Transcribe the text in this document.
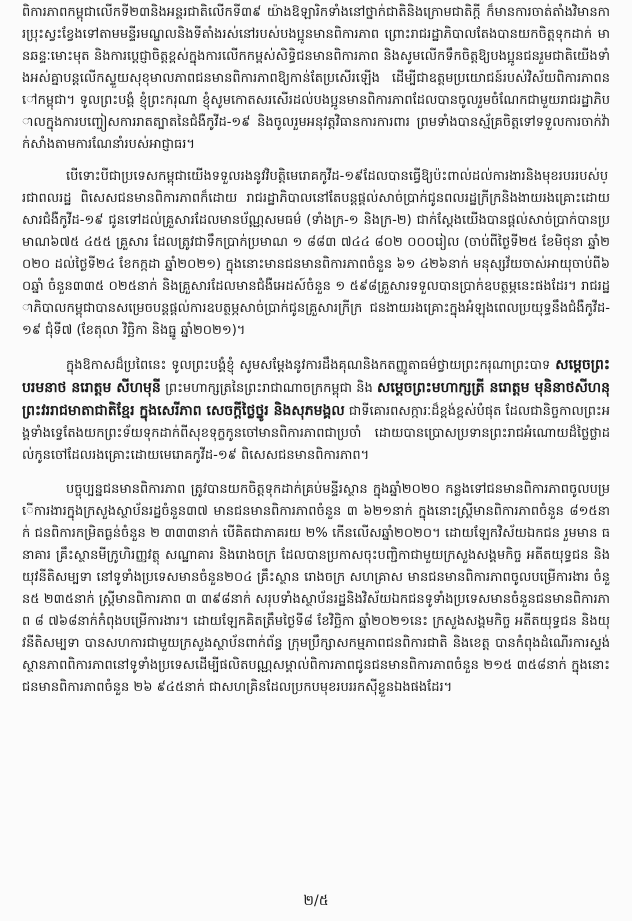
ពិការភាពកម្ពុជាលើកទី២៣និងអន្តរជាតិលើកទី៣៩ យ៉ាងឱឡារិកទាំងនៅថ្នាក់ជាតិនិងក្រោមជាតិក្ដី ក៏មានការចាត់តាំងវិមានការប្រុះស្វះខ្វែងទៅតាមមន្ទីរមណ្ឌលនិងទីតាំងរស់នៅរបស់បងប្អូនមានពិការភាព ព្រោះរាជរដ្ឋាភិបាលតែងបានយកចិត្តទុកដាក់ មានឆន្ទៈមោះមុត និងការប្ដេជ្ញាចិត្តខ្ពស់ក្នុងការលើកកម្ពស់សិទ្ធិជនមានពិការភាព និងសូមលើកទឹកចិត្តឱ្យបងប្អូនជនរួមជាតិយើងទាំងអស់គ្នាបន្តលើកស្ទួយសុខុមាលភាពជនមានពិការភាពឱ្យកាន់តែប្រសើរឡើង ដើម្បីជាឧត្ដមប្រយោជន៍របស់វិស័យពិការភាពនៅកម្ពុជា។ ទូលព្រះបង្គំ ខ្ញុំព្រះករុណា ខ្ញុំសូមកោតសរសើរដល់បងប្អូនមានពិការភាពដែលបានចូលរួមចំណែកជាមួយរាជរដ្ឋាភិបាលក្នុងការបញ្ចៀសការរាតត្បាតនៃជំងឺកូវីដ-១៩ និងចូលរួមអនុវត្តវិធានការការពារ ព្រមទាំងបានស្ម័គ្រចិត្តទៅទទួលការចាក់វ៉ាក់សាំងតាមការណែនាំរបស់អាជ្ញាធរ។

បើទោះបីជាប្រទេសកម្ពុជាយើងទទួលរងនូវវិបត្តិមេរោគកូវីដ-១៩ដែលបានធ្វើឱ្យប៉ះពាល់ដល់ការងារនិងមុខរបររបស់ប្រជាពលរដ្ឋ ពិសេសជនមានពិការភាពក៏ដោយ រាជរដ្ឋាភិបាលនៅតែបន្តផ្ដល់សាច់ប្រាក់ជូនពលរដ្ឋក្រីក្រនិងងាយរងគ្រោះដោយសារជំងឺកូវីដ-១៩ ជូនទៅដល់គ្រួសារដែលមានប័ណ្ណសមធម៌ (ទាំងក្រ-១ និងក្រ-២) ជាក់ស្ដែងយើងបានផ្ដល់សាច់ប្រាក់បានប្រមាណ៦៧៥ ៤៥៥ គ្រួសារ ដែលត្រូវជាទឹកប្រាក់ប្រមាណ ១ ៨៨៣ ៧៤៤ ៨០២ ០០០រៀល (ចាប់ពីថ្ងៃទី២៥ ខែមិថុនា ឆ្នាំ២០២០ ដល់ថ្ងៃទី២៤ ខែកក្កដា ឆ្នាំ២០២១) ក្នុងនោះមានជនមានពិការភាពចំនួន ៦១ ៤២៦នាក់ មនុស្សវ័យចាស់អាយុចាប់ពី៦០ឆ្នាំ ចំនួន៣៣៥ ០២៥នាក់ និងគ្រួសារដែលមានជំងឺអេដស៍ចំនួន ១ ៥៩៨គ្រួសារទទួលបានប្រាក់ឧបត្ថម្ភនេះផងដែរ។ រាជរដ្ឋាភិបាលកម្ពុជាបានសម្រេចបន្តផ្ដល់ការឧបត្ថម្ភសាច់ប្រាក់ជូនគ្រួសារក្រីក្រ ជនងាយរងគ្រោះក្នុងអំឡុងពេលប្រយុទ្ធនឹងជំងឺកូវីដ-១៩ ជុំទី៧ (ខែតុលា វិច្ឆិកា និងធ្នូ ឆ្នាំ២០២១)។

ក្នុងឱកាសដ៏ប្រពៃនេះ ទូលព្រះបង្គំខ្ញុំ សូមសម្ដែងនូវការដឹងគុណនិងកតញ្ញូតាធម៌ថ្វាយព្រះករុណាព្រះបាទ សម្ដេចព្រះបរមនាថ នរោត្ដម សីហមុនី ព្រះមហាក្សត្រនៃព្រះរាជាណាចក្រកម្ពុជា និង សម្ដេចព្រះមហាក្សត្រី នរោត្ដម មុនិនាថសីហនុ ព្រះវររាជមាតាជាតិខ្មែរ ក្នុងសេរីភាព សេចក្ដីថ្លៃថ្នូរ និងសុភមង្គល ជាទីគោរពសក្ការៈដ៏ខ្ពង់ខ្ពស់បំផុត ដែលជានិច្ចកាលព្រះអង្គទាំងទ្វេតែងយកព្រះទ័យទុកដាក់ពីសុខទុក្ខកូនចៅមានពិការភាពជាប្រចាំ ដោយបានប្រោសប្រទានព្រះរាជអំណោយដ៏ថ្លៃថ្លាដល់កូនចៅដែលរងគ្រោះដោយមេរោគកូវីដ-១៩ ពិសេសជនមានពិការភាព។

បច្ចុប្បន្នជនមានពិការភាព ត្រូវបានយកចិត្តទុកដាក់គ្រប់មន្ទីរស្ថាន ក្នុងឆ្នាំ២០២០ កន្លងទៅជនមានពិការភាពចូលបម្រើការងារក្នុងក្រសួងស្ថាប័នរដ្ឋចំនួន៣៧ មានជនមានពិការភាពចំនួន ៣ ៦២១នាក់ ក្នុងនោះស្ត្រីមានពិការភាពចំនួន ៨១៥នាក់ ជនពិការកម្រិតធ្ងន់ចំនួន ២ ៣៣៣នាក់ បើគិតជាភាគរយ ២% កើនលើសឆ្នាំ២០២០។ ដោយឡែកវិស័យឯកជន រួមមាន ធនាគារ គ្រឹះស្ថានមីក្រូហិរញ្ញវត្ថុ សណ្ឋាគារ និងរោងចក្រ ដែលបានប្រកាសចុះបញ្ជិកាជាមួយក្រសួងសង្គមកិច្ច អតីតយុទ្ធជន និងយុវនីតិសម្បទា នៅទូទាំងប្រទេសមានចំនួន២០៤ គ្រឹះស្ថាន រោងចក្រ សហគ្រាស មានជនមានពិការភាពចូលបម្រើការងារ ចំនួន៥ ២៣៥នាក់ ស្ត្រីមានពិការភាព ៣ ៣៩៨នាក់ សរុបទាំងស្ថាប័នរដ្ឋនិងវិស័យឯកជនទូទាំងប្រទេសមានចំនួនជនមានពិការភាព ៨ ៧៦៨នាក់កំពុងបម្រើការងារ។ ដោយឡែកគិតត្រឹមថ្ងៃទី៨ ខែវិច្ឆិកា ឆ្នាំ២០២១នេះ ក្រសួងសង្គមកិច្ច អតីតយុទ្ធជន និងយុវនីតិសម្បទា បានសហការជាមួយក្រសួងស្ថាប័នពាក់ព័ន្ធ ក្រុមប្រឹក្សាសកម្មភាពជនពិការជាតិ និងខេត្ត បានកំពុងដំណើរការស្ទង់ស្ថានភាពពិការភាពនៅទូទាំងប្រទេសដើម្បីផលិតបណ្ណសម្គាល់ពិការភាពជូនជនមានពិការភាពចំនួន ២១៥ ៣៥៨នាក់ ក្នុងនោះជនមានពិការភាពចំនួន ២៦ ៩៤៥នាក់ ជាសហគ្រិនដែលប្រកបមុខរបររកស៊ីខ្លួនឯងផងដែរ។

២/៥
